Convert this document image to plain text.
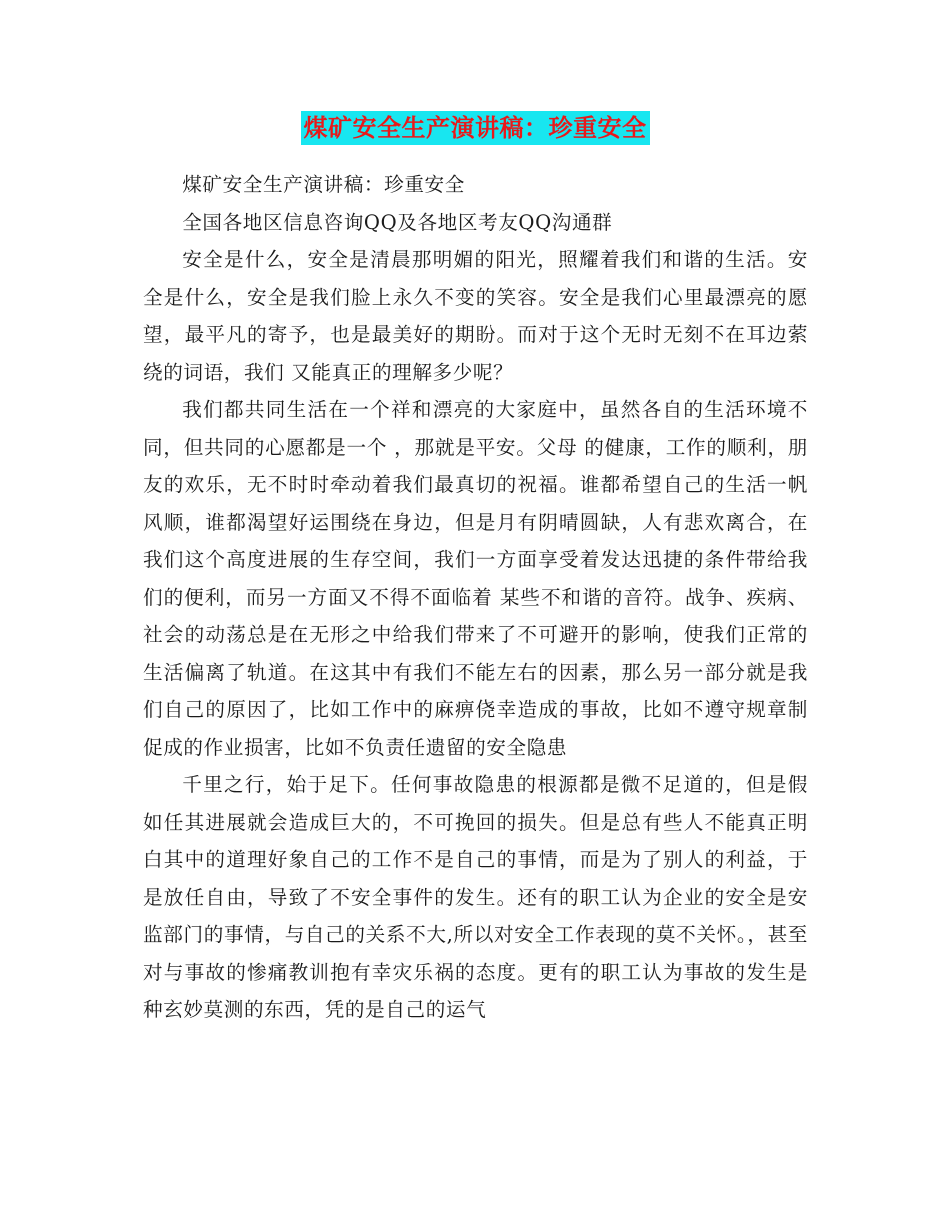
煤矿安全生产演讲稿：珍重安全

煤矿安全生产演讲稿：珍重安全

全国各地区信息咨询QQ及各地区考友QQ沟通群

安全是什么，安全是清晨那明媚的阳光，照耀着我们和谐的生活。安全是什么，安全是我们脸上永久不变的笑容。安全是我们心里最漂亮的愿望，最平凡的寄予，也是最美好的期盼。而对于这个无时无刻不在耳边萦绕的词语，我们 又能真正的理解多少呢？

我们都共同生活在一个祥和漂亮的大家庭中，虽然各自的生活环境不同，但共同的心愿都是一个 ，那就是平安。父母 的健康，工作的顺利，朋友的欢乐，无不时时牵动着我们最真切的祝福。谁都希望自己的生活一帆风顺，谁都渴望好运围绕在身边，但是月有阴晴圆缺，人有悲欢离合，在我们这个高度进展的生存空间，我们一方面享受着发达迅捷的条件带给我们的便利，而另一方面又不得不面临着 某些不和谐的音符。战争、疾病、社会的动荡总是在无形之中给我们带来了不可避开的影响，使我们正常的生活偏离了轨道。在这其中有我们不能左右的因素，那么另一部分就是我们自己的原因了，比如工作中的麻痹侥幸造成的事故，比如不遵守规章制促成的作业损害，比如不负责任遗留的安全隐患

千里之行，始于足下。任何事故隐患的根源都是微不足道的，但是假如任其进展就会造成巨大的，不可挽回的损失。但是总有些人不能真正明白其中的道理好象自己的工作不是自己的事情，而是为了别人的利益，于是放任自由，导致了不安全事件的发生。还有的职工认为企业的安全是安监部门的事情，与自己的关系不大,所以对安全工作表现的莫不关怀。，甚至对与事故的惨痛教训抱有幸灾乐祸的态度。更有的职工认为事故的发生是种玄妙莫测的东西，凭的是自己的运气
